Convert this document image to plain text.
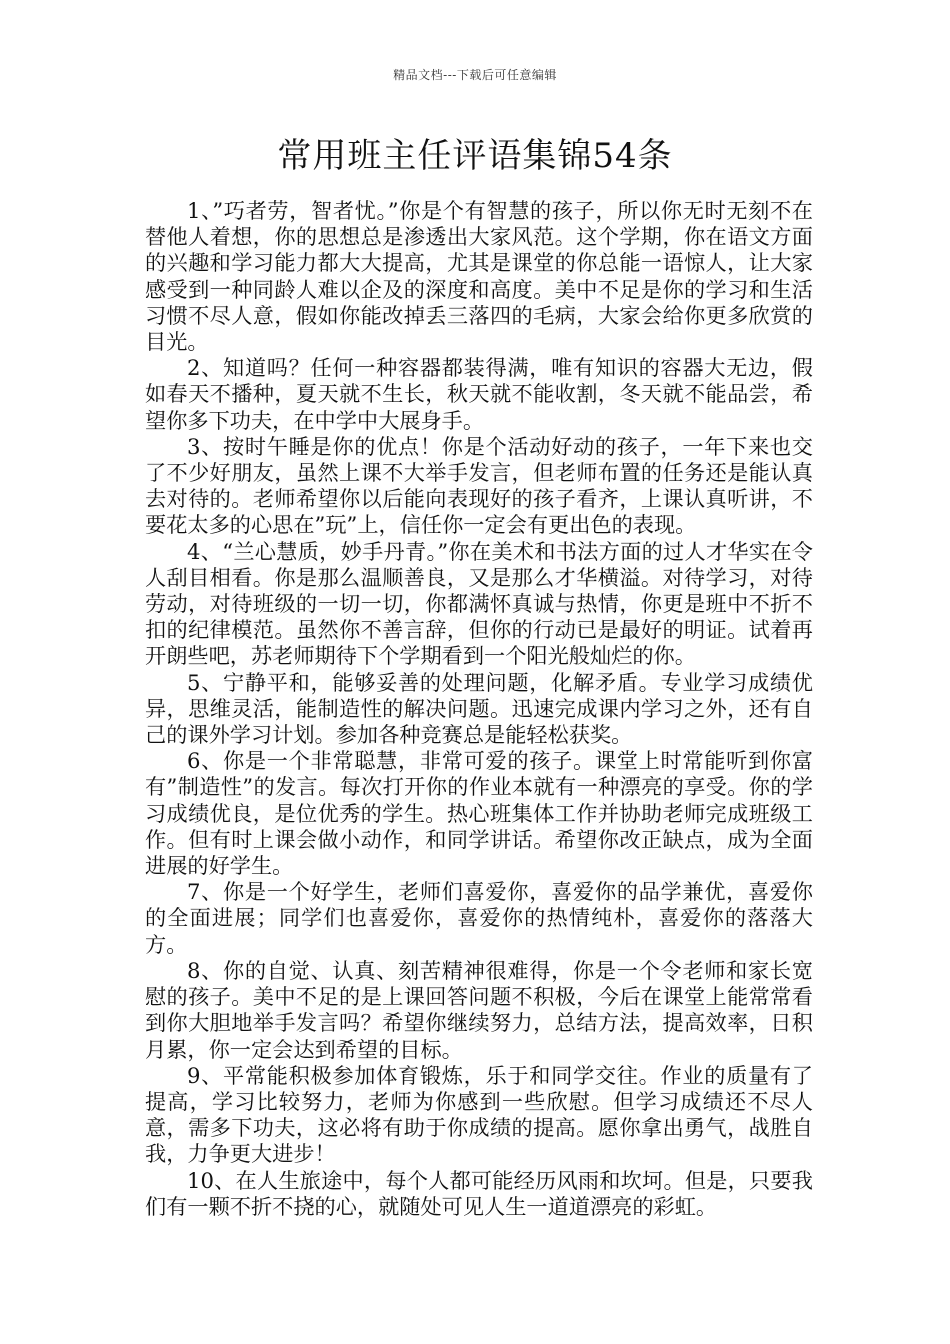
精品文档---下载后可任意编辑
常用班主任评语集锦54条

1、”巧者劳，智者忧。”你是个有智慧的孩子，所以你无时无刻不在替他人着想，你的思想总是渗透出大家风范。这个学期，你在语文方面的兴趣和学习能力都大大提高，尤其是课堂的你总能一语惊人，让大家感受到一种同龄人难以企及的深度和高度。美中不足是你的学习和生活习惯不尽人意，假如你能改掉丢三落四的毛病，大家会给你更多欣赏的目光。

2、知道吗？任何一种容器都装得满，唯有知识的容器大无边，假如春天不播种，夏天就不生长，秋天就不能收割，冬天就不能品尝，希望你多下功夫，在中学中大展身手。

3、按时午睡是你的优点！你是个活动好动的孩子，一年下来也交了不少好朋友，虽然上课不大举手发言，但老师布置的任务还是能认真去对待的。老师希望你以后能向表现好的孩子看齐，上课认真听讲，不要花太多的心思在”玩”上，信任你一定会有更出色的表现。

4、“兰心慧质，妙手丹青。”你在美术和书法方面的过人才华实在令人刮目相看。你是那么温顺善良，又是那么才华横溢。对待学习，对待劳动，对待班级的一切一切，你都满怀真诚与热情，你更是班中不折不扣的纪律模范。虽然你不善言辞，但你的行动已是最好的明证。试着再开朗些吧，苏老师期待下个学期看到一个阳光般灿烂的你。

5、宁静平和，能够妥善的处理问题，化解矛盾。专业学习成绩优异，思维灵活，能制造性的解决问题。迅速完成课内学习之外，还有自己的课外学习计划。参加各种竞赛总是能轻松获奖。

6、你是一个非常聪慧，非常可爱的孩子。课堂上时常能听到你富有”制造性”的发言。每次打开你的作业本就有一种漂亮的享受。你的学习成绩优良，是位优秀的学生。热心班集体工作并协助老师完成班级工作。但有时上课会做小动作，和同学讲话。希望你改正缺点，成为全面进展的好学生。

7、你是一个好学生，老师们喜爱你，喜爱你的品学兼优，喜爱你的全面进展；同学们也喜爱你，喜爱你的热情纯朴，喜爱你的落落大方。

8、你的自觉、认真、刻苦精神很难得，你是一个令老师和家长宽慰的孩子。美中不足的是上课回答问题不积极，今后在课堂上能常常看到你大胆地举手发言吗？希望你继续努力，总结方法，提高效率，日积月累，你一定会达到希望的目标。

9、平常能积极参加体育锻炼，乐于和同学交往。作业的质量有了提高，学习比较努力，老师为你感到一些欣慰。但学习成绩还不尽人意，需多下功夫，这必将有助于你成绩的提高。愿你拿出勇气，战胜自我，力争更大进步！

10、在人生旅途中，每个人都可能经历风雨和坎坷。但是，只要我们有一颗不折不挠的心，就随处可见人生一道道漂亮的彩虹。
